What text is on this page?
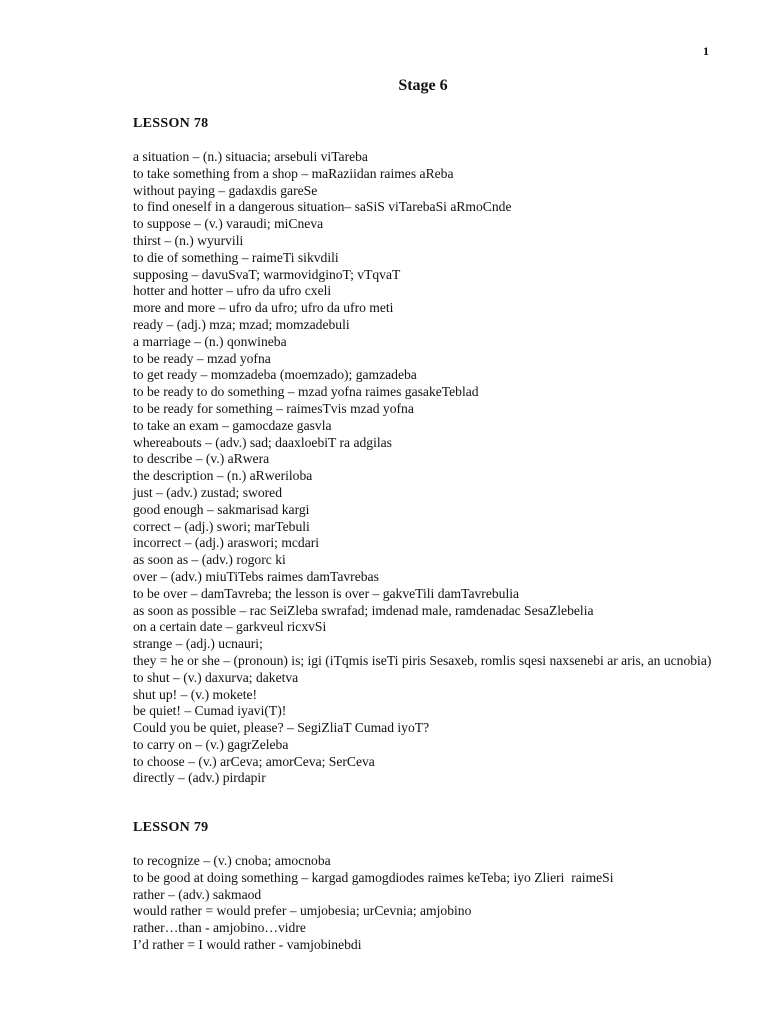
1
Stage 6
LESSON 78
a situation – (n.) situacia; arsebuli viTareba
to take something from a shop – maRaziidan raimes aReba
without paying – gadaxdis gareSe
to find oneself in a dangerous situation– saSiS viTarebaSi aRmoCnde
to suppose – (v.) varaudi; miCneva
thirst – (n.) wyurvili
to die of something – raimeTi sikvdili
supposing – davuSvaT; warmovidginoT; vTqvaT
hotter and hotter – ufro da ufro cxeli
more and more – ufro da ufro; ufro da ufro meti
ready – (adj.) mza; mzad; momzadebuli
a marriage – (n.) qonwineba
to be ready – mzad yofna
to get ready – momzadeba (moemzado); gamzadeba
to be ready to do something – mzad yofna raimes gasakeTeblad
to be ready for something – raimesTvis mzad yofna
to take an exam – gamocdaze gasvla
whereabouts – (adv.) sad; daaxloebiT ra adgilas
to describe – (v.) aRwera
the description – (n.) aRweriloba
just – (adv.) zustad; swored
good enough – sakmarisad kargi
correct – (adj.) swori; marTebuli
incorrect – (adj.) araswori; mcdari
as soon as – (adv.) rogorc ki
over – (adv.) miuTiTebs raimes damTavrebas
to be over – damTavreba; the lesson is over – gakveTili damTavrebulia
as soon as possible – rac SeiZleba swrafad; imdenad male, ramdenadac SesaZlebelia
on a certain date – garkveul ricxvSi
strange – (adj.) ucnauri;
they = he or she – (pronoun) is; igi (iTqmis iseTi piris Sesaxeb, romlis sqesi naxsenebi ar aris, an ucnobia)
to shut – (v.) daxurva; daketva
shut up! – (v.) mokete!
be quiet! – Cumad iyavi(T)!
Could you be quiet, please? – SegiZliaT Cumad iyoT?
to carry on – (v.) gagrZeleba
to choose – (v.) arCeva; amorCeva; SerCeva
directly – (adv.) pirdapir
LESSON 79
to recognize – (v.) cnoba; amocnoba
to be good at doing something – kargad gamogdiodes raimes keTeba; iyo Zlieri  raimeSi
rather – (adv.) sakmaod
would rather = would prefer – umjobesia; urCevnia; amjobino
rather…than - amjobino…vidre
I’d rather = I would rather - vamjobinebdi
